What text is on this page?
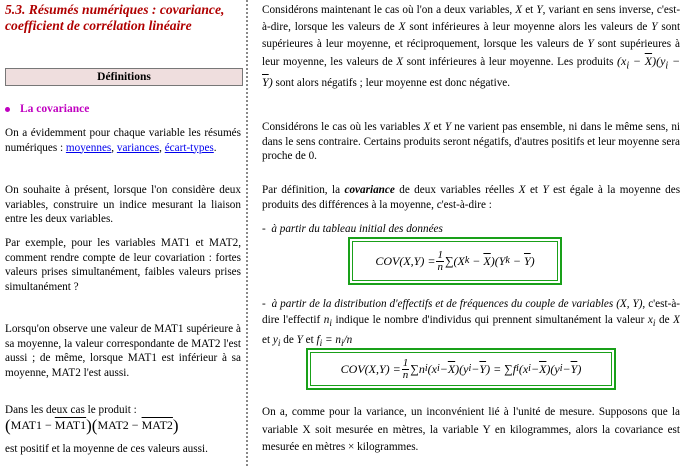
5.3. Résumés numériques : covariance, coefficient de corrélation linéaire
Définitions
La covariance

On a évidemment pour chaque variable les résumés numériques : moyennes, variances, écart-types.

On souhaite à présent, lorsque l'on considère deux variables, construire un indice mesurant la liaison entre les deux variables.

Par exemple, pour les variables MAT1 et MAT2, comment rendre compte de leur covariation : fortes valeurs prises simultanément, faibles valeurs prises simultanément ?

Lorsqu'on observe une valeur de MAT1 supérieure à sa moyenne, la valeur correspondante de MAT2 l'est aussi ; de même, lorsque MAT1 est inférieur à sa moyenne, MAT2 l'est aussi.

Dans les deux cas le produit :

(MAT1 − MAT1)(MAT2 − MAT2)

est positif et la moyenne de ces valeurs aussi.

Considérons maintenant le cas où l'on a deux variables, X et Y, variant en sens inverse, c'est-à-dire, lorsque les valeurs de X sont inférieures à leur moyenne alors les valeurs de Y sont supérieures à leur moyenne, et réciproquement, lorsque les valeurs de Y sont supérieures à leur moyenne, les valeurs de X sont inférieures à leur moyenne. Les produits $(x_i - \overline{X})(y_i - \overline{Y})$ sont alors négatifs ; leur moyenne est donc négative.

Considérons le cas où les variables X et Y ne varient pas ensemble, ni dans le même sens, ni dans le sens contraire. Certains produits seront négatifs, d'autres positifs et leur moyenne sera proche de 0.

Par définition, la covariance de deux variables réelles X et Y est égale à la moyenne des produits des différences à la moyenne, c'est-à-dire :

-  à partir du tableau initial des données
$COV(X,Y) = \frac{1}{n} \sum(X$ $k - \overline{X}$ )(Y $k - \overline{Y}$ )
-  à partir de la distribution d'effectifs et de fréquences du couple de variables (X, Y), c'est-à-dire l'effectif $n_i$ indique le nombre d'individus qui prennent simultanément la valeur $x_i$ de X et $y_i$ de Y et $f_i = n_i/n$
$COV(X,Y) = \frac{1}{n} \sum n$ i (x $i - \overline{X}$ )(y $i - \overline{Y}$ ) = ∑f i (x $i - \overline{X}$ )(y $i - \overline{Y}$ )

On a, comme pour la variance, un inconvénient lié à l'unité de mesure. Supposons que la variable X soit mesurée en mètres, la variable Y en kilogrammes, alors la covariance est mesurée en mètres × kilogrammes.
